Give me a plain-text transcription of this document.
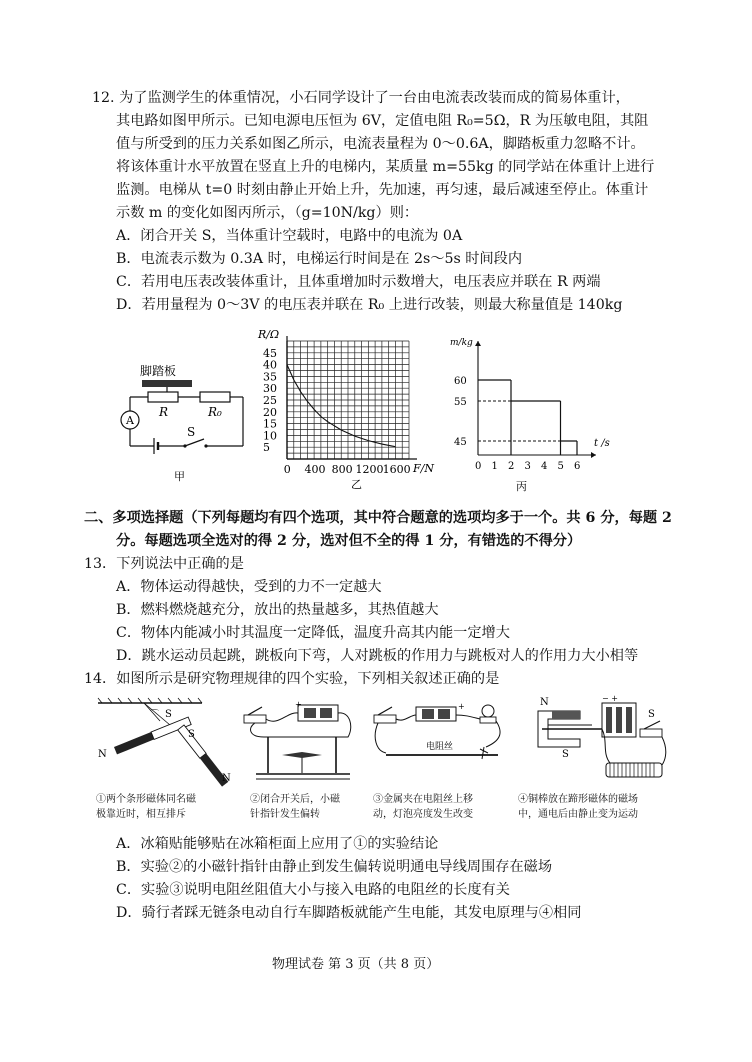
12. 为了监测学生的体重情况，小石同学设计了一台由电流表改装而成的简易体重计，
其电路如图甲所示。已知电源电压恒为 6V，定值电阻 R₀=5Ω，R 为压敏电阻，其阻
值与所受到的压力关系如图乙所示，电流表量程为 0～0.6A，脚踏板重力忽略不计。
将该体重计水平放置在竖直上升的电梯内，某质量 m=55kg 的同学站在体重计上进行
监测。电梯从 t=0 时刻由静止开始上升，先加速，再匀速，最后减速至停止。体重计
示数 m 的变化如图丙所示，（g=10N/kg）则：
A．闭合开关 S，当体重计空载时，电路中的电流为 0A
B．电流表示数为 0.3A 时，电梯运行时间是在 2s～5s 时间段内
C．若用电压表改装体重计，且体重增加时示数增大，电压表应并联在 R 两端
D．若用量程为 0～3V 的电压表并联在 R₀ 上进行改装，则最大称量值是 140kg
脚踏板
R	R₀
A
S
甲
5
10
15
20
25
30
35
40
45
0 400 800 1200 1600
R/Ω
F/N
乙
45
55
60
0 1 2 3 4 5 6
m/kg
t /s
丙
二、多项选择题（下列每题均有四个选项，其中符合题意的选项均多于一个。共 6 分，每题 2
分。每题选项全选对的得 2 分，选对但不全的得 1 分，有错选的不得分）
13．下列说法中正确的是
A．物体运动得越快，受到的力不一定越大
B．燃料燃烧越充分，放出的热量越多，其热值越大
C．物体内能减小时其温度一定降低，温度升高其内能一定增大
D．跳水运动员起跳，跳板向下弯，人对跳板的作用力与跳板对人的作用力大小相等
14．如图所示是研究物理规律的四个实验，下列相关叙述正确的是
S
⌒
N
S
N
+	+
电阻丝
N
S
− +
S
①两个条形磁体同名磁
极靠近时，相互排斥
②闭合开关后，小磁
针指针发生偏转
③金属夹在电阻丝上移
动，灯泡亮度发生改变
④铜棒放在蹄形磁体的磁场
中，通电后由静止变为运动
A．冰箱贴能够贴在冰箱柜面上应用了①的实验结论
B．实验②的小磁针指针由静止到发生偏转说明通电导线周围存在磁场
C．实验③说明电阻丝阻值大小与接入电路的电阻丝的长度有关
D．骑行者踩无链条电动自行车脚踏板就能产生电能，其发电原理与④相同
物理试卷 第 3 页（共 8 页）
